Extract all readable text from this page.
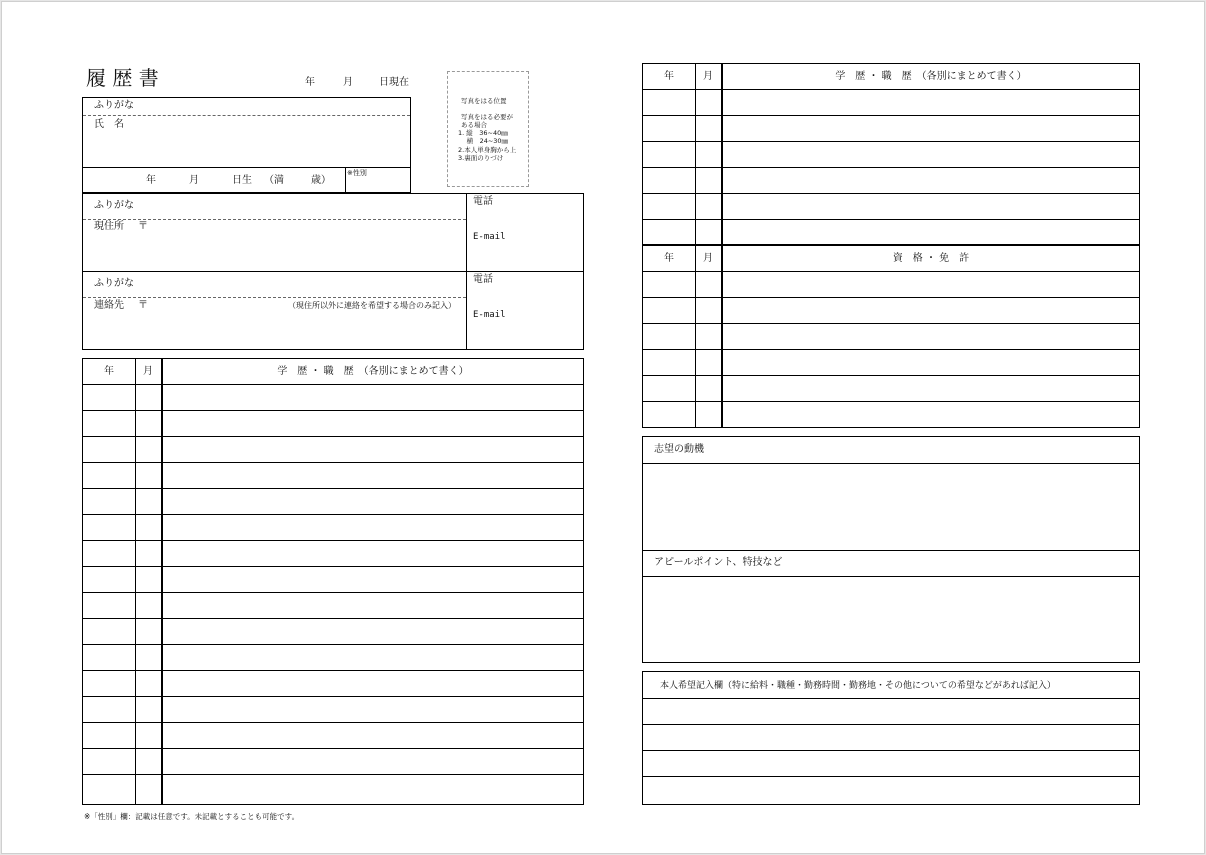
履 歴 書	年	月	日現在
ふりがな
氏　名
年	月	日生 （満	歳）
※性別
写真をはる位置
写真をはる必要が
ある場合
1. 縦　36~40㎜
　 横　24~30㎜
2.本人単身胸から上
3.裏面のりづけ
ふりがな
現住所 〒
電話
E-mail
ふりがな
連絡先 〒	（現住所以外に連絡を希望する場合のみ記入）
電話
E-mail
年	月	学　歴 ・ 職　歴　（各別にまとめて書く）
※「性別」欄：記載は任意です。未記載とすることも可能です。
年	月	学　歴 ・ 職　歴　（各別にまとめて書く）
年	月	資　格 ・ 免　許
志望の動機
アピールポイント、特技など
本人希望記入欄（特に給料・職種・勤務時間・勤務地・その他についての希望などがあれば記入）
